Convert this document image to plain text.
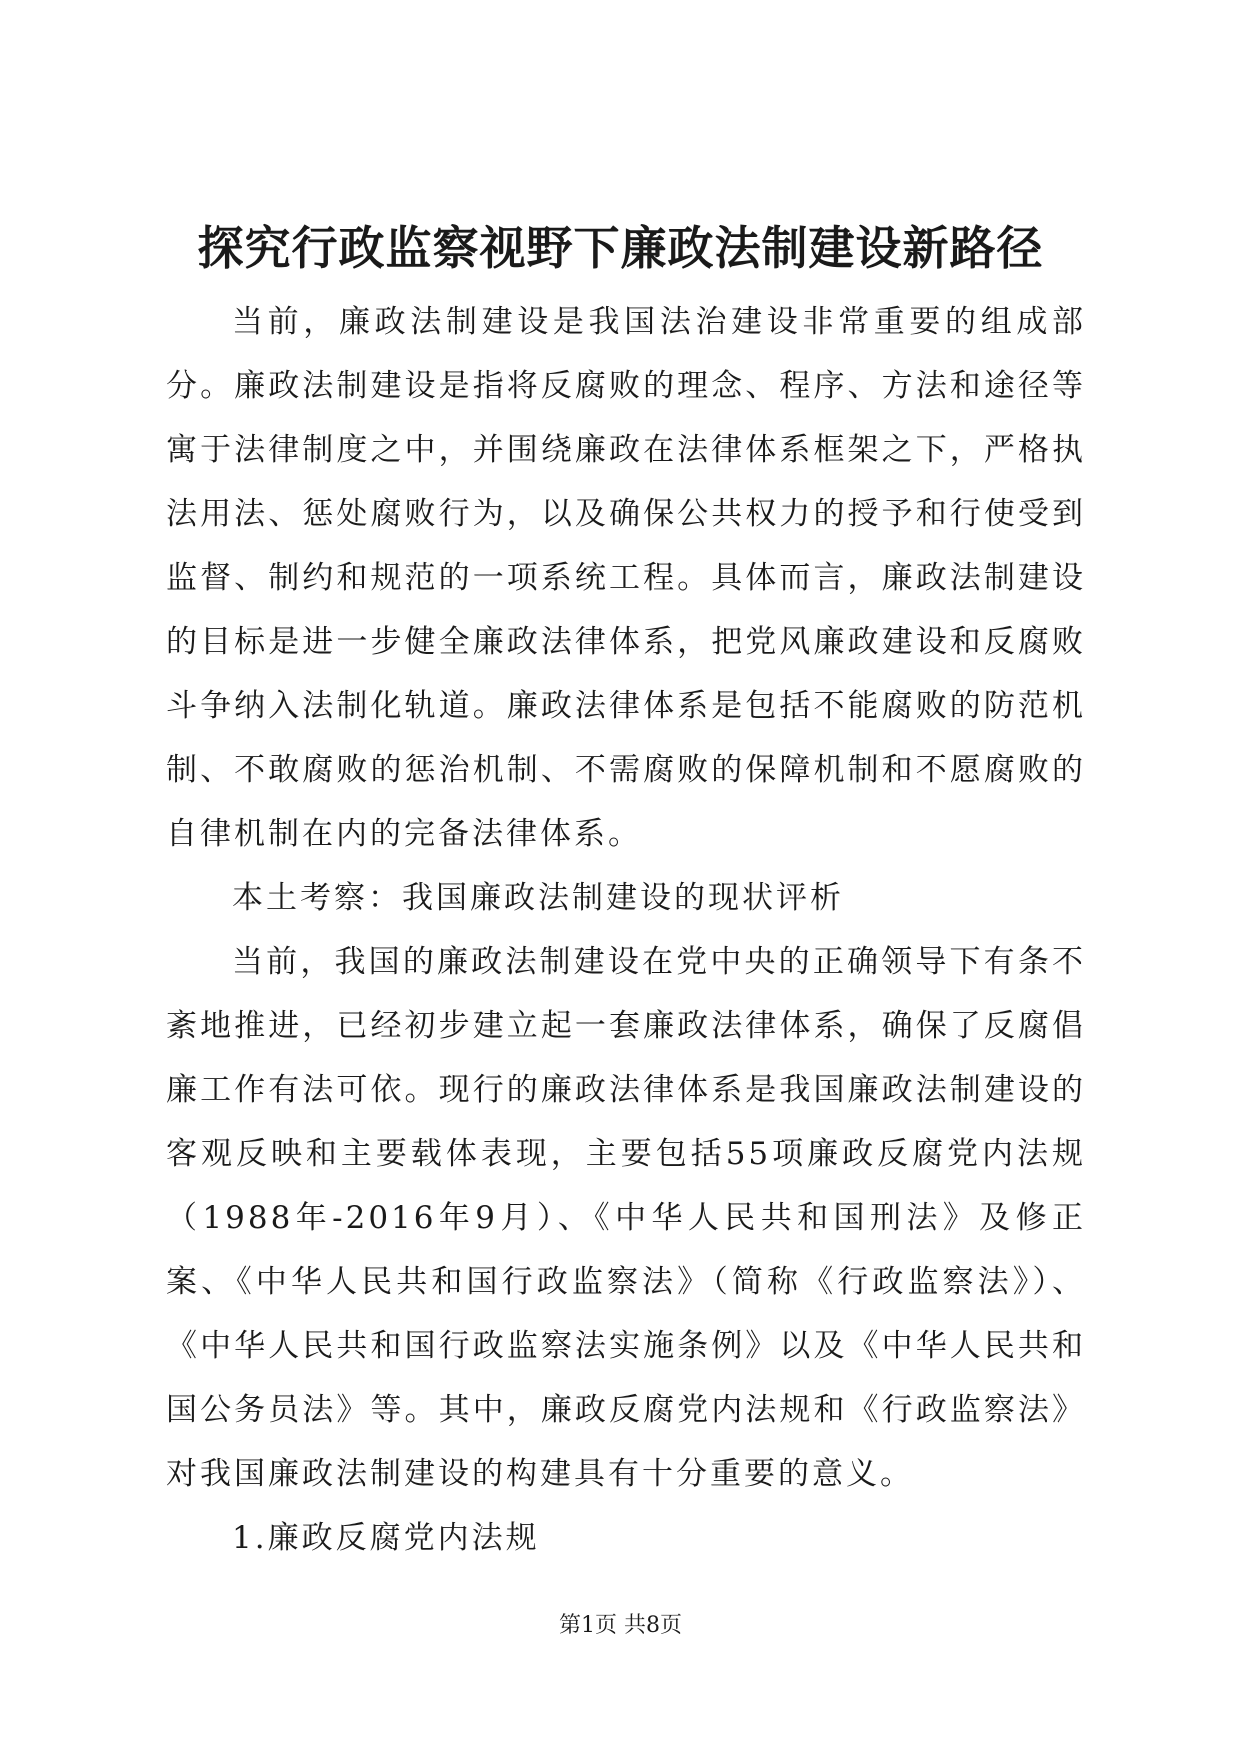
探究行政监察视野下廉政法制建设新路径

当前，廉政法制建设是我国法治建设非常重要的组成部分。廉政法制建设是指将反腐败的理念、程序、方法和途径等寓于法律制度之中，并围绕廉政在法律体系框架之下，严格执法用法、惩处腐败行为，以及确保公共权力的授予和行使受到监督、制约和规范的一项系统工程。具体而言，廉政法制建设的目标是进一步健全廉政法律体系，把党风廉政建设和反腐败斗争纳入法制化轨道。廉政法律体系是包括不能腐败的防范机制、不敢腐败的惩治机制、不需腐败的保障机制和不愿腐败的自律机制在内的完备法律体系。

本土考察：我国廉政法制建设的现状评析

当前，我国的廉政法制建设在党中央的正确领导下有条不紊地推进，已经初步建立起一套廉政法律体系，确保了反腐倡廉工作有法可依。现行的廉政法律体系是我国廉政法制建设的客观反映和主要载体表现，主要包括55项廉政反腐党内法规（1988年-2016年9月）、《中华人民共和国刑法》及修正案、《中华人民共和国行政监察法》（简称《行政监察法》）、《中华人民共和国行政监察法实施条例》以及《中华人民共和国公务员法》等。其中，廉政反腐党内法规和《行政监察法》对我国廉政法制建设的构建具有十分重要的意义。

1.廉政反腐党内法规

第1页 共8页
